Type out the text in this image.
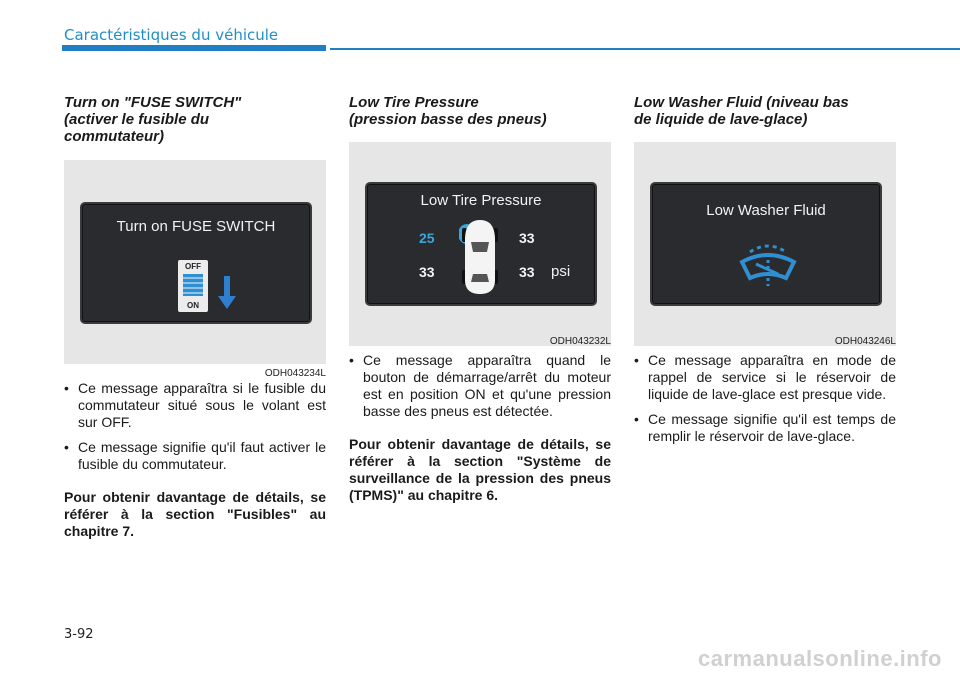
Caractéristiques du véhicule
Turn on "FUSE SWITCH"
(activer le fusible du
commutateur)
Turn on FUSE SWITCH
OFF
ON
ODH043234L
• Ce message apparaîtra si le fusible du commutateur situé sous le volant est sur OFF.
• Ce message signifie qu'il faut activer le fusible du commutateur.

Pour obtenir davantage de détails, se référer à la section "Fusibles" au chapitre 7.

Low Tire Pressure
(pression basse des pneus)
Low Tire Pressure
25	33
33	33 psi
ODH043232L
• Ce message apparaîtra quand le bouton de démarrage/arrêt du moteur est en position ON et qu'une pression basse des pneus est détectée.

Pour obtenir davantage de détails, se référer à la section "Système de surveillance de la pression des pneus (TPMS)" au chapitre 6.

Low Washer Fluid (niveau bas
de liquide de lave-glace)
Low Washer Fluid
ODH043246L
• Ce message apparaîtra en mode de rappel de service si le réservoir de liquide de lave-glace est presque vide.
• Ce message signifie qu'il est temps de remplir le réservoir de lave-glace.
3-92
carmanualsonline.info
